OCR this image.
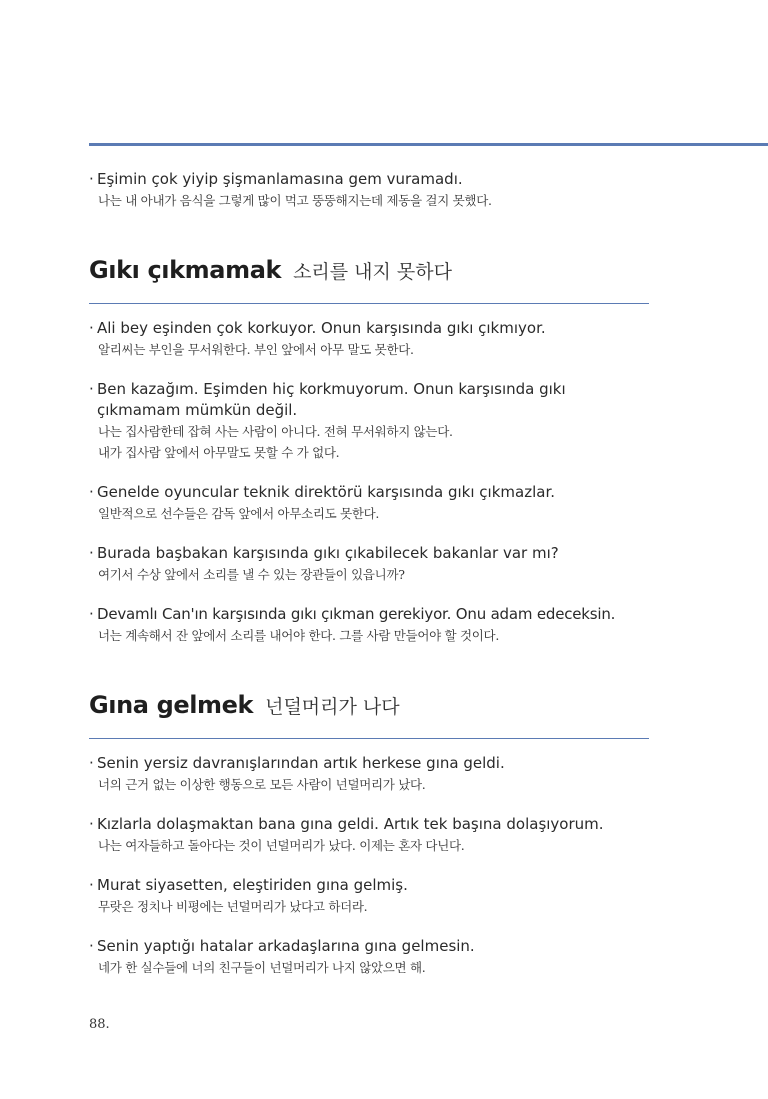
· Eşimin çok yiyip şişmanlamasına gem vuramadı.
나는 내 아내가 음식을 그렇게 많이 먹고 뚱뚱해지는데 제동을 걸지 못했다.
Gıkı çıkmamak 소리를 내지 못하다
· Ali bey eşinden çok korkuyor. Onun karşısında gıkı çıkmıyor.
알리씨는 부인을 무서워한다. 부인 앞에서 아무 말도 못한다.
· Ben kazağım. Eşimden hiç korkmuyorum. Onun karşısında gıkı çıkmamam mümkün değil.
나는 집사람한테 잡혀 사는 사람이 아니다. 전혀 무서워하지 않는다.
내가 집사람 앞에서 아무말도 못할 수 가 없다.
· Genelde oyuncular teknik direktörü karşısında gıkı çıkmazlar.
일반적으로 선수들은 감독 앞에서 아무소리도 못한다.
· Burada başbakan karşısında gıkı çıkabilecek bakanlar var mı?
여기서 수상 앞에서 소리를 낼 수 있는 장관들이 있읍니까?
· Devamlı Can'ın karşısında gıkı çıkman gerekiyor. Onu adam edeceksin.
너는 계속해서 잔 앞에서 소리를 내어야 한다. 그를 사람 만들어야 할 것이다.
Gına gelmek 넌덜머리가 나다
· Senin yersiz davranışlarından artık herkese gına geldi.
너의 근거 없는 이상한 행동으로 모든 사람이 넌덜머리가 났다.
· Kızlarla dolaşmaktan bana gına geldi. Artık tek başına dolaşıyorum.
나는 여자들하고 돌아다는 것이 넌덜머리가 났다. 이제는 혼자 다닌다.
· Murat siyasetten, eleştiriden gına gelmiş.
무랏은 정치나 비평에는 넌덜머리가 났다고 하더라.
· Senin yaptığı hatalar arkadaşlarına gına gelmesin.
네가 한 실수들에 너의 친구들이 넌덜머리가 나지 않았으면 해.
88.
